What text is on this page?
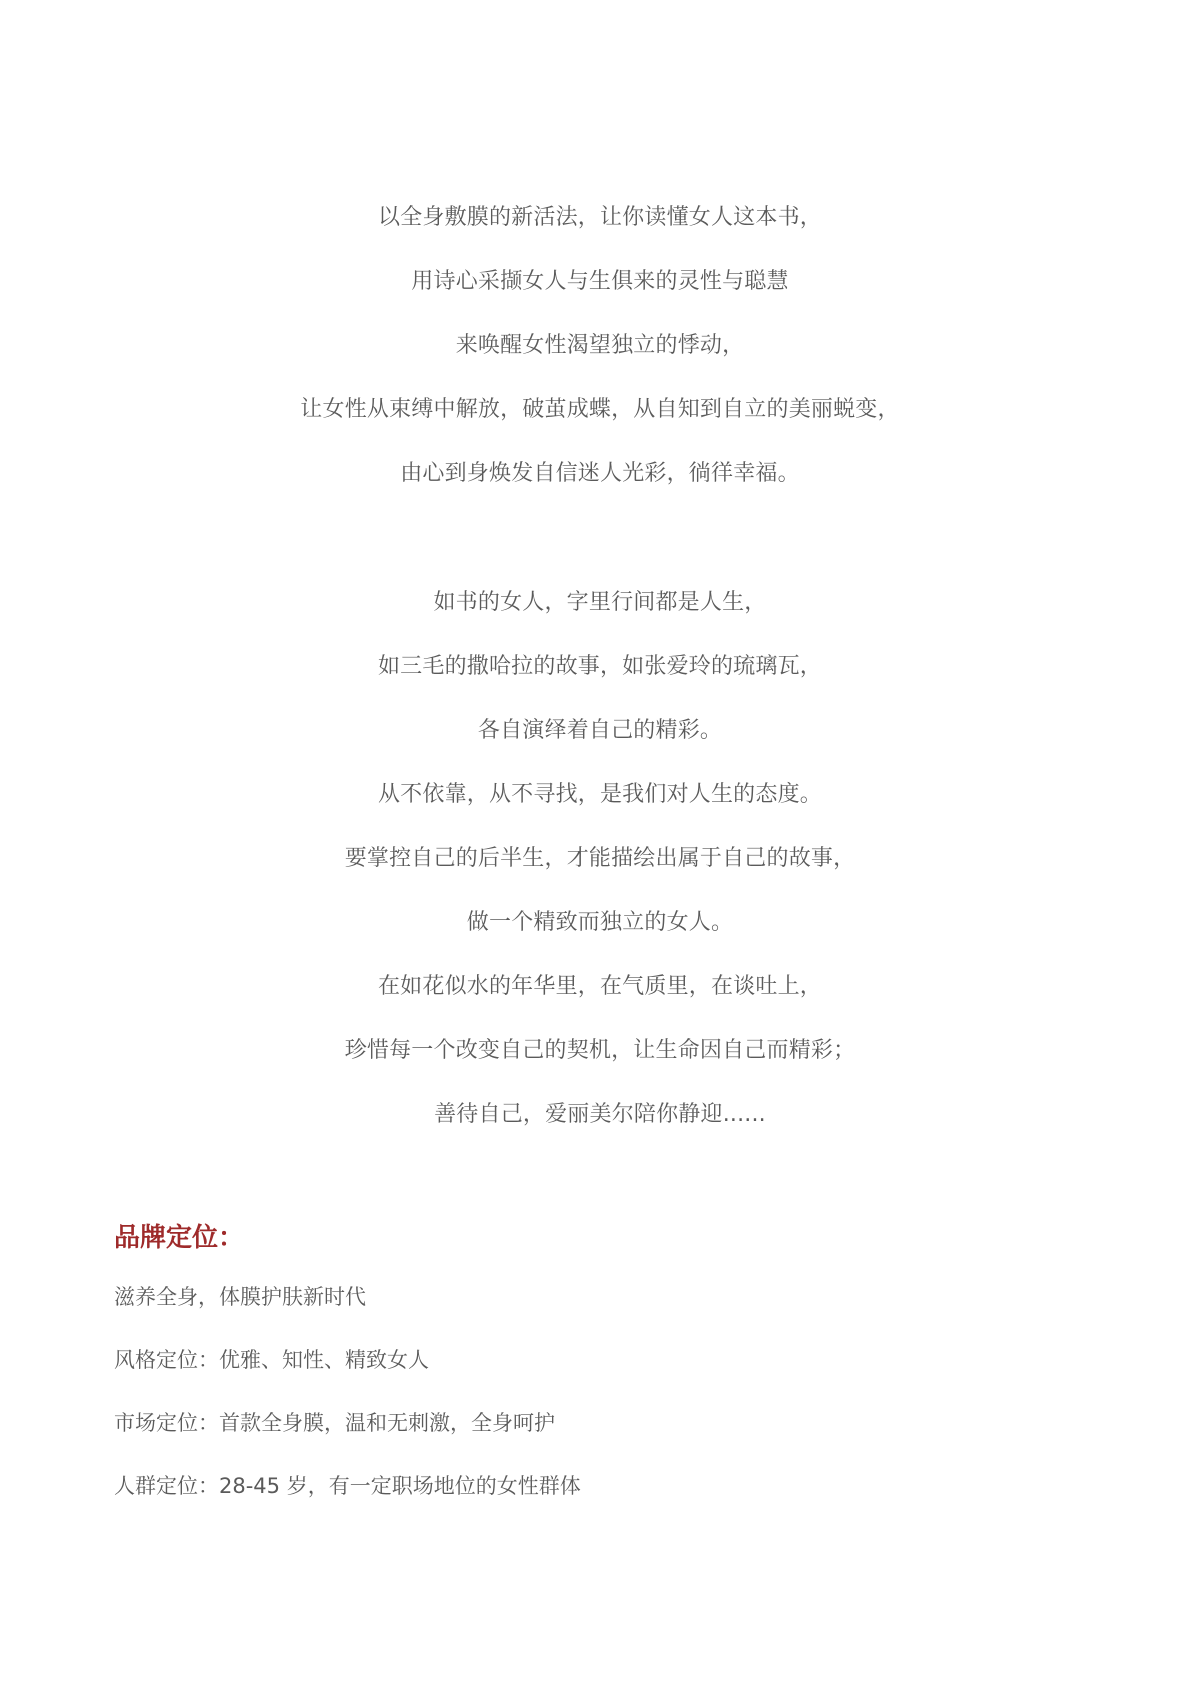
以全身敷膜的新活法，让你读懂女人这本书，
用诗心采撷女人与生俱来的灵性与聪慧
来唤醒女性渴望独立的悸动，
让女性从束缚中解放，破茧成蝶，从自知到自立的美丽蜕变，
由心到身焕发自信迷人光彩，徜徉幸福。
如书的女人，字里行间都是人生，
如三毛的撒哈拉的故事，如张爱玲的琉璃瓦，
各自演绎着自己的精彩。
从不依靠，从不寻找，是我们对人生的态度。
要掌控自己的后半生，才能描绘出属于自己的故事，
做一个精致而独立的女人。
在如花似水的年华里，在气质里，在谈吐上，
珍惜每一个改变自己的契机，让生命因自己而精彩；
善待自己，爱丽美尔陪你静迎......
品牌定位：
滋养全身，体膜护肤新时代
风格定位：优雅、知性、精致女人
市场定位：首款全身膜，温和无刺激，全身呵护
人群定位：28-45 岁，有一定职场地位的女性群体
